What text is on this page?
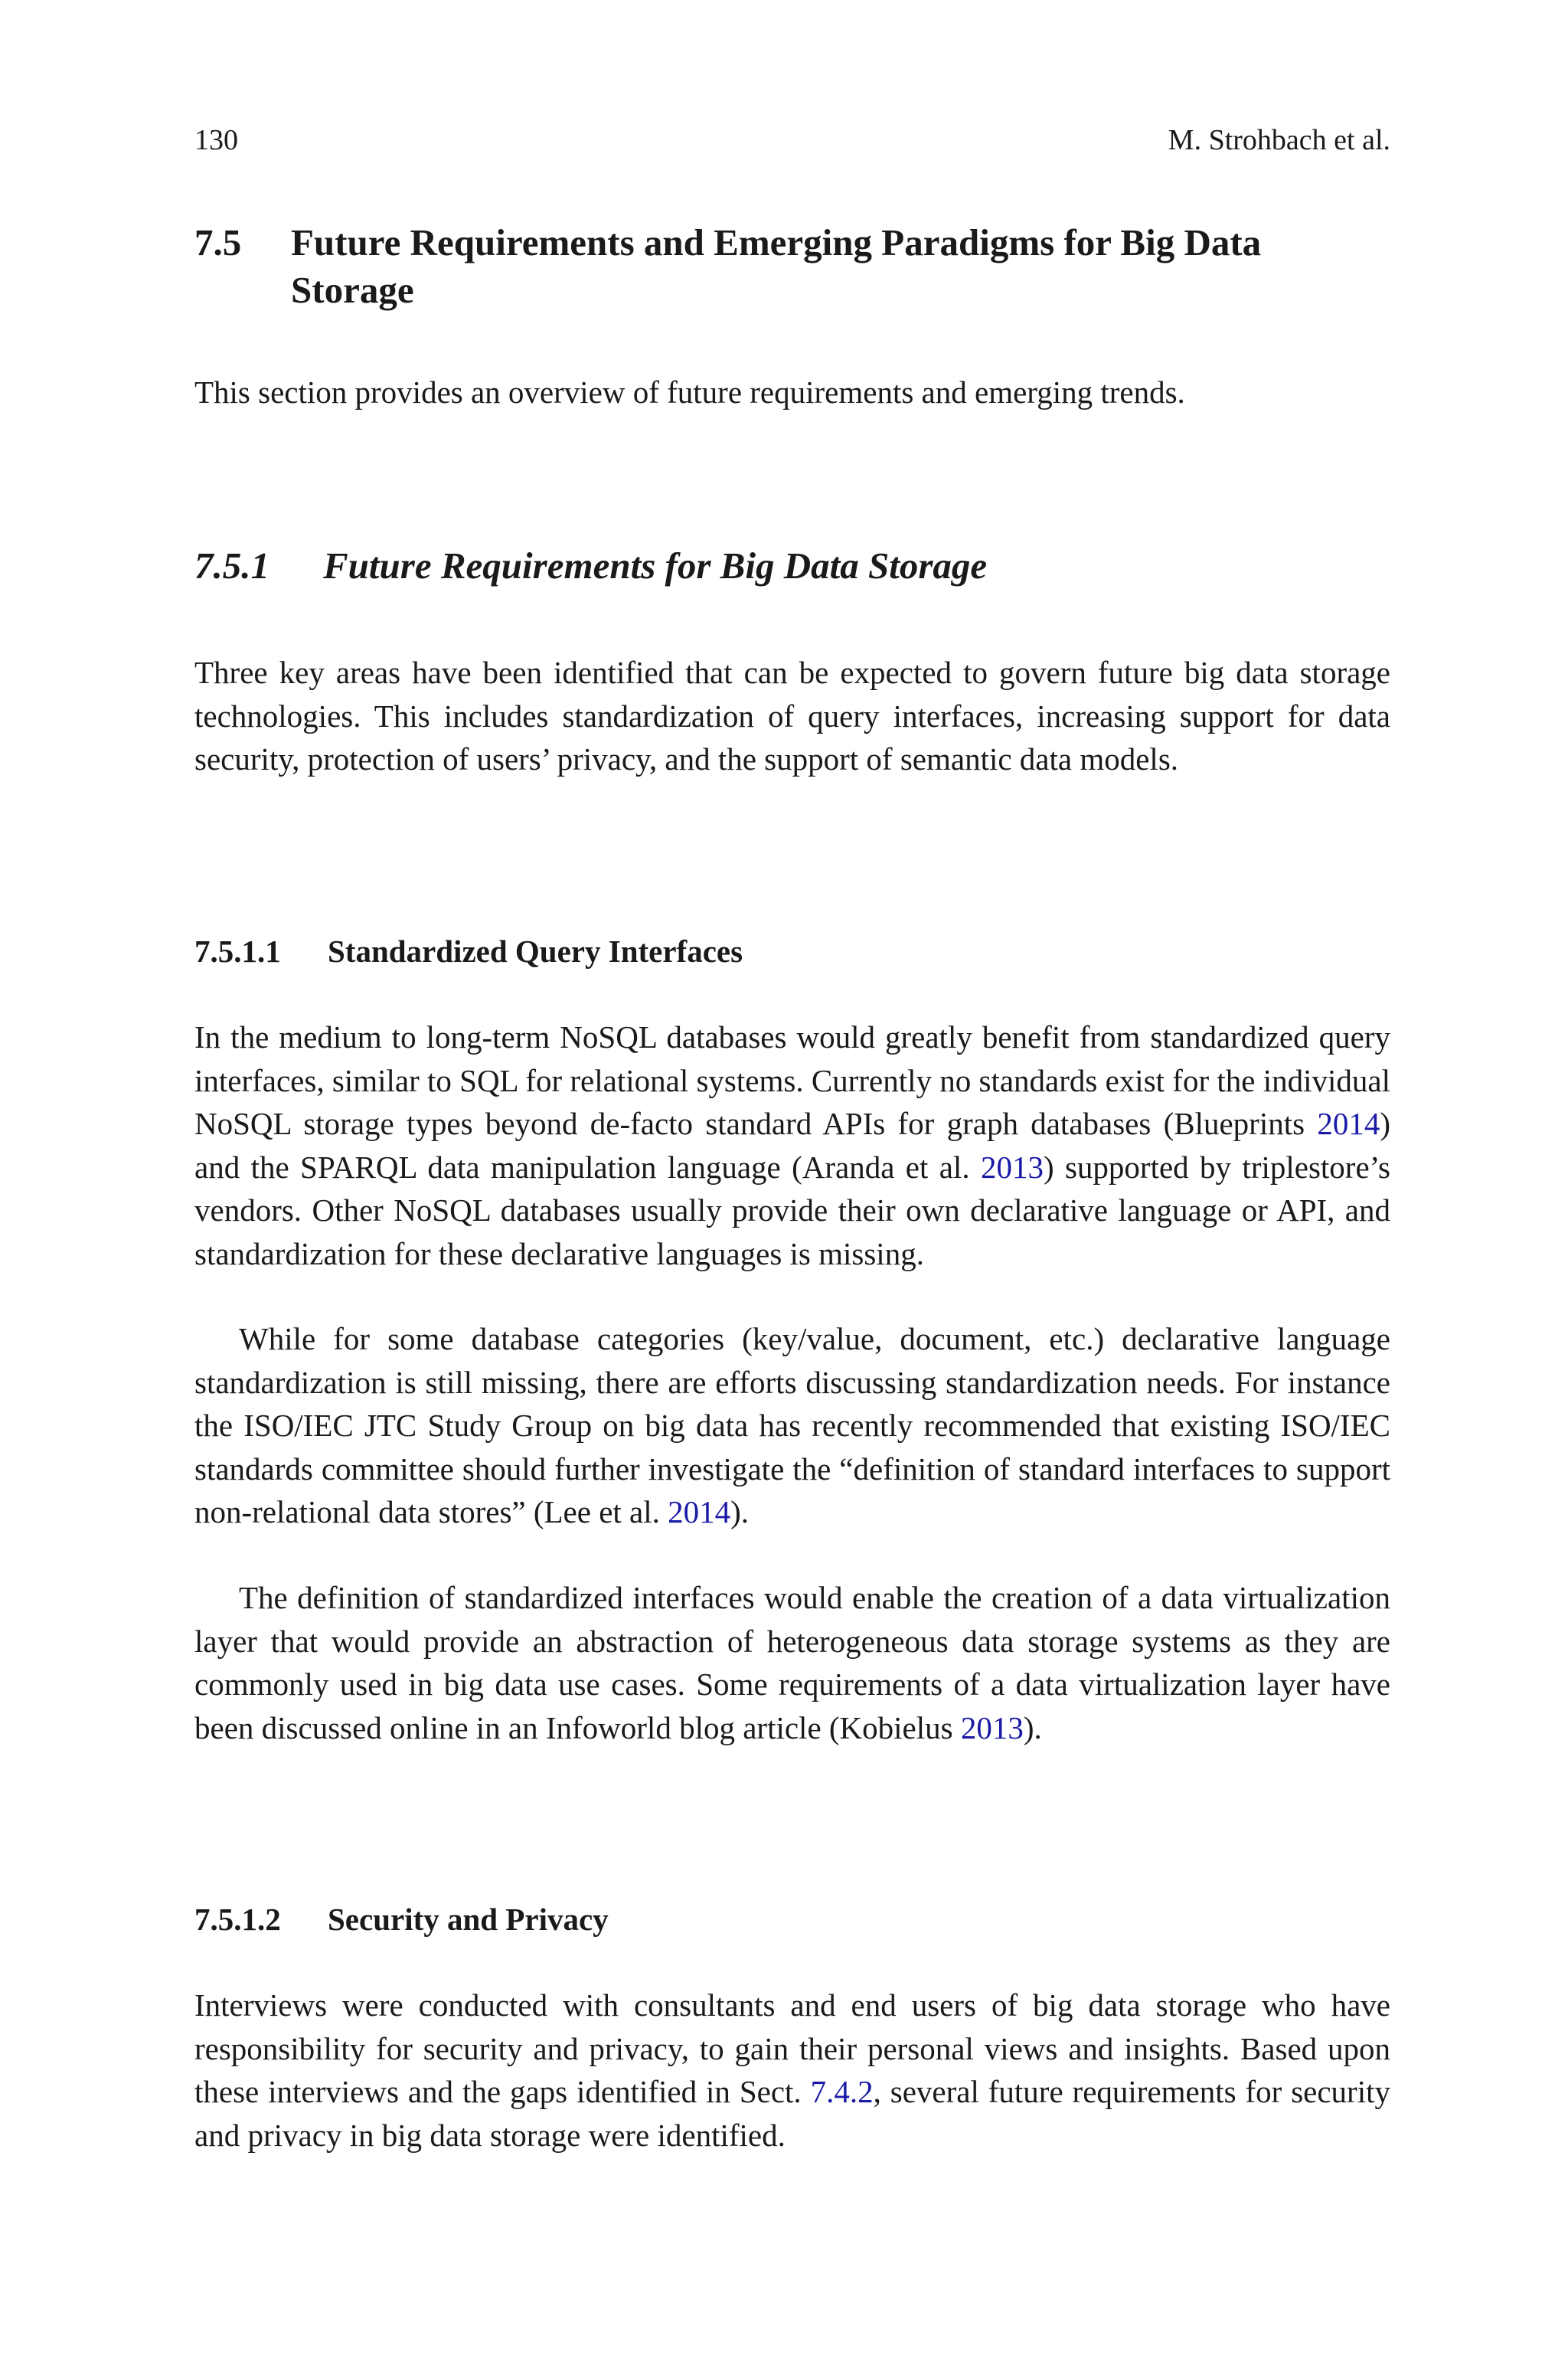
130	M. Strohbach et al.
7.5 Future Requirements and Emerging Paradigms for Big Data Storage

This section provides an overview of future requirements and emerging trends.

7.5.1 Future Requirements for Big Data Storage

Three key areas have been identified that can be expected to govern future big data storage technologies. This includes standardization of query interfaces, increasing support for data security, protection of users’ privacy, and the support of semantic data models.

7.5.1.1 Standardized Query Interfaces

In the medium to long-term NoSQL databases would greatly benefit from standardized query interfaces, similar to SQL for relational systems. Currently no standards exist for the individual NoSQL storage types beyond de-facto standard APIs for graph databases (Blueprints 2014) and the SPARQL data manipulation language (Aranda et al. 2013) supported by triplestore’s vendors. Other NoSQL databases usually provide their own declarative language or API, and standardization for these declarative languages is missing.

While for some database categories (key/value, document, etc.) declarative language standardization is still missing, there are efforts discussing standardization needs. For instance the ISO/IEC JTC Study Group on big data has recently recommended that existing ISO/IEC standards committee should further investigate the “definition of standard interfaces to support non-relational data stores” (Lee et al. 2014).

The definition of standardized interfaces would enable the creation of a data virtualization layer that would provide an abstraction of heterogeneous data storage systems as they are commonly used in big data use cases. Some requirements of a data virtualization layer have been discussed online in an Infoworld blog article (Kobielus 2013).

7.5.1.2 Security and Privacy

Interviews were conducted with consultants and end users of big data storage who have responsibility for security and privacy, to gain their personal views and insights. Based upon these interviews and the gaps identified in Sect. 7.4.2, several future requirements for security and privacy in big data storage were identified.
